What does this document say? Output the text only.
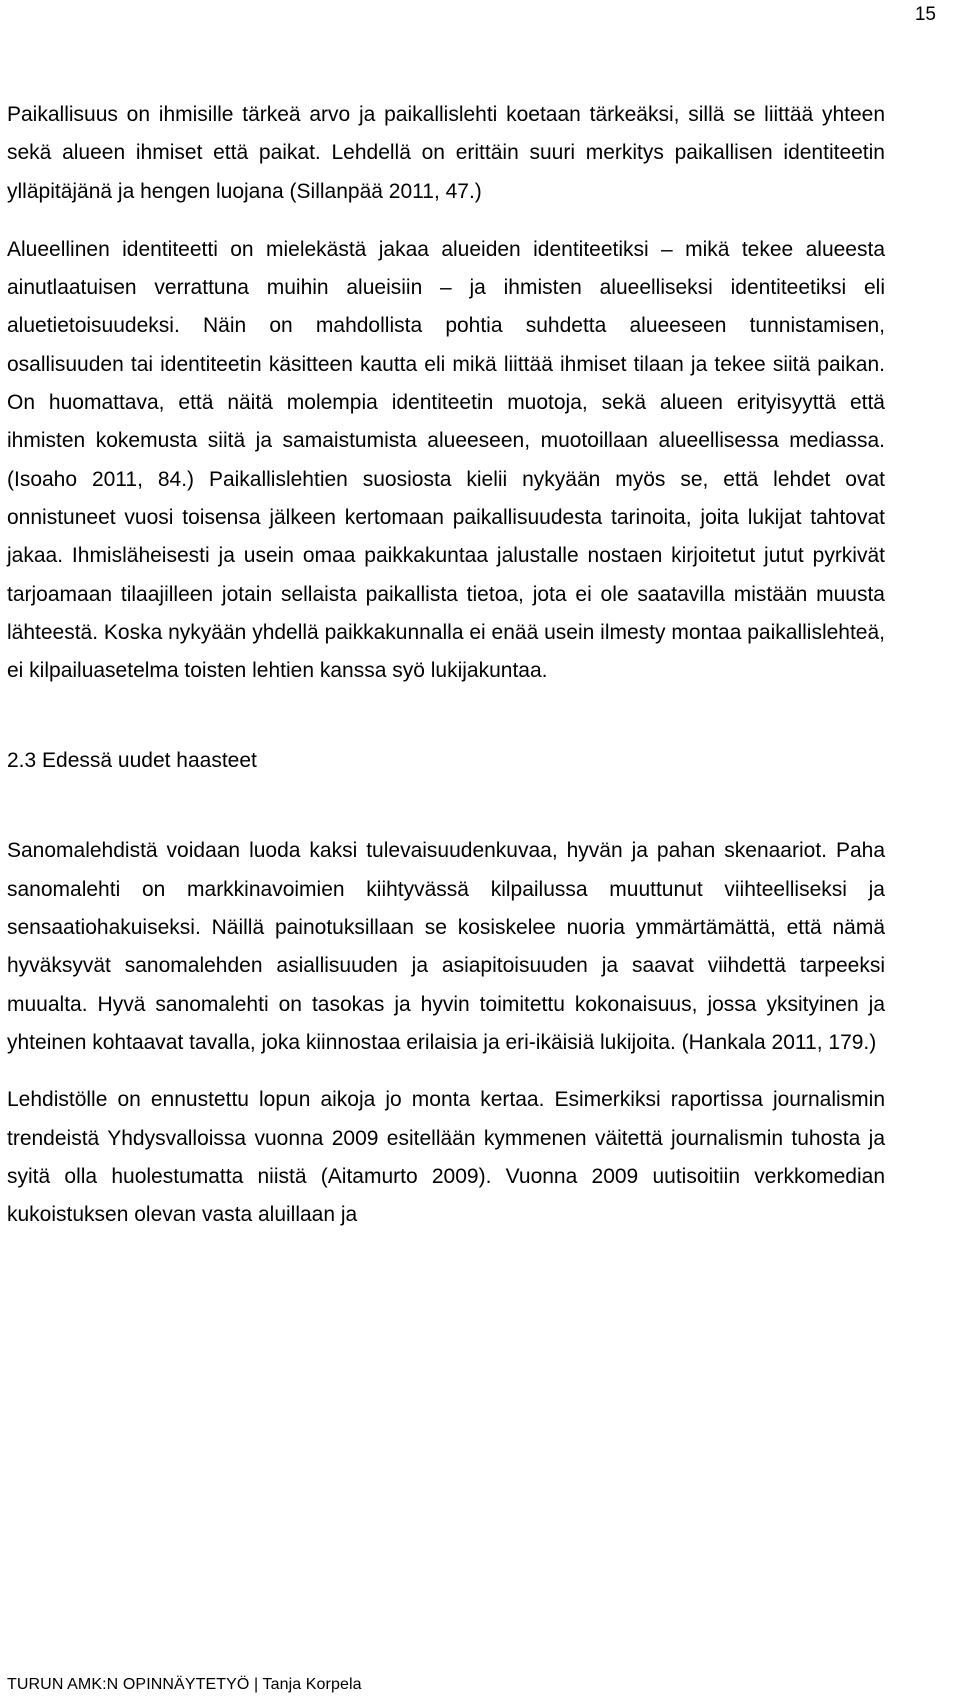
15

Paikallisuus on ihmisille tärkeä arvo ja paikallislehti koetaan tärkeäksi, sillä se liittää yhteen sekä alueen ihmiset että paikat. Lehdellä on erittäin suuri merkitys paikallisen identiteetin ylläpitäjänä ja hengen luojana (Sillanpää 2011, 47.)

Alueellinen identiteetti on mielekästä jakaa alueiden identiteetiksi – mikä tekee alueesta ainutlaatuisen verrattuna muihin alueisiin – ja ihmisten alueelliseksi identiteetiksi eli aluetietoisuudeksi. Näin on mahdollista pohtia suhdetta alueeseen tunnistamisen, osallisuuden tai identiteetin käsitteen kautta eli mikä liittää ihmiset tilaan ja tekee siitä paikan. On huomattava, että näitä molempia identiteetin muotoja, sekä alueen erityisyyttä että ihmisten kokemusta siitä ja samaistumista alueeseen, muotoillaan alueellisessa mediassa. (Isoaho 2011, 84.) Paikallislehtien suosiosta kielii nykyään myös se, että lehdet ovat onnistuneet vuosi toisensa jälkeen kertomaan paikallisuudesta tarinoita, joita lukijat tahtovat jakaa. Ihmisläheisesti ja usein omaa paikkakuntaa jalustalle nostaen kirjoitetut jutut pyrkivät tarjoamaan tilaajilleen jotain sellaista paikallista tietoa, jota ei ole saatavilla mistään muusta lähteestä. Koska nykyään yhdellä paikkakunnalla ei enää usein ilmesty montaa paikallislehteä, ei kilpailuasetelma toisten lehtien kanssa syö lukijakuntaa.

2.3 Edessä uudet haasteet

Sanomalehdistä voidaan luoda kaksi tulevaisuudenkuvaa, hyvän ja pahan skenaariot. Paha sanomalehti on markkinavoimien kiihtyvässä kilpailussa muuttunut viihteelliseksi ja sensaatiohakuiseksi. Näillä painotuksillaan se kosiskelee nuoria ymmärtämättä, että nämä hyväksyvät sanomalehden asiallisuuden ja asiapitoisuuden ja saavat viihdettä tarpeeksi muualta. Hyvä sanomalehti on tasokas ja hyvin toimitettu kokonaisuus, jossa yksityinen ja yhteinen kohtaavat tavalla, joka kiinnostaa erilaisia ja eri-ikäisiä lukijoita. (Hankala 2011, 179.)

Lehdistölle on ennustettu lopun aikoja jo monta kertaa. Esimerkiksi raportissa journalismin trendeistä Yhdysvalloissa vuonna 2009 esitellään kymmenen väitettä journalismin tuhosta ja syitä olla huolestumatta niistä (Aitamurto 2009). Vuonna 2009 uutisoitiin verkkomedian kukoistuksen olevan vasta aluillaan ja

TURUN AMK:N OPINNÄYTETYÖ | Tanja Korpela
